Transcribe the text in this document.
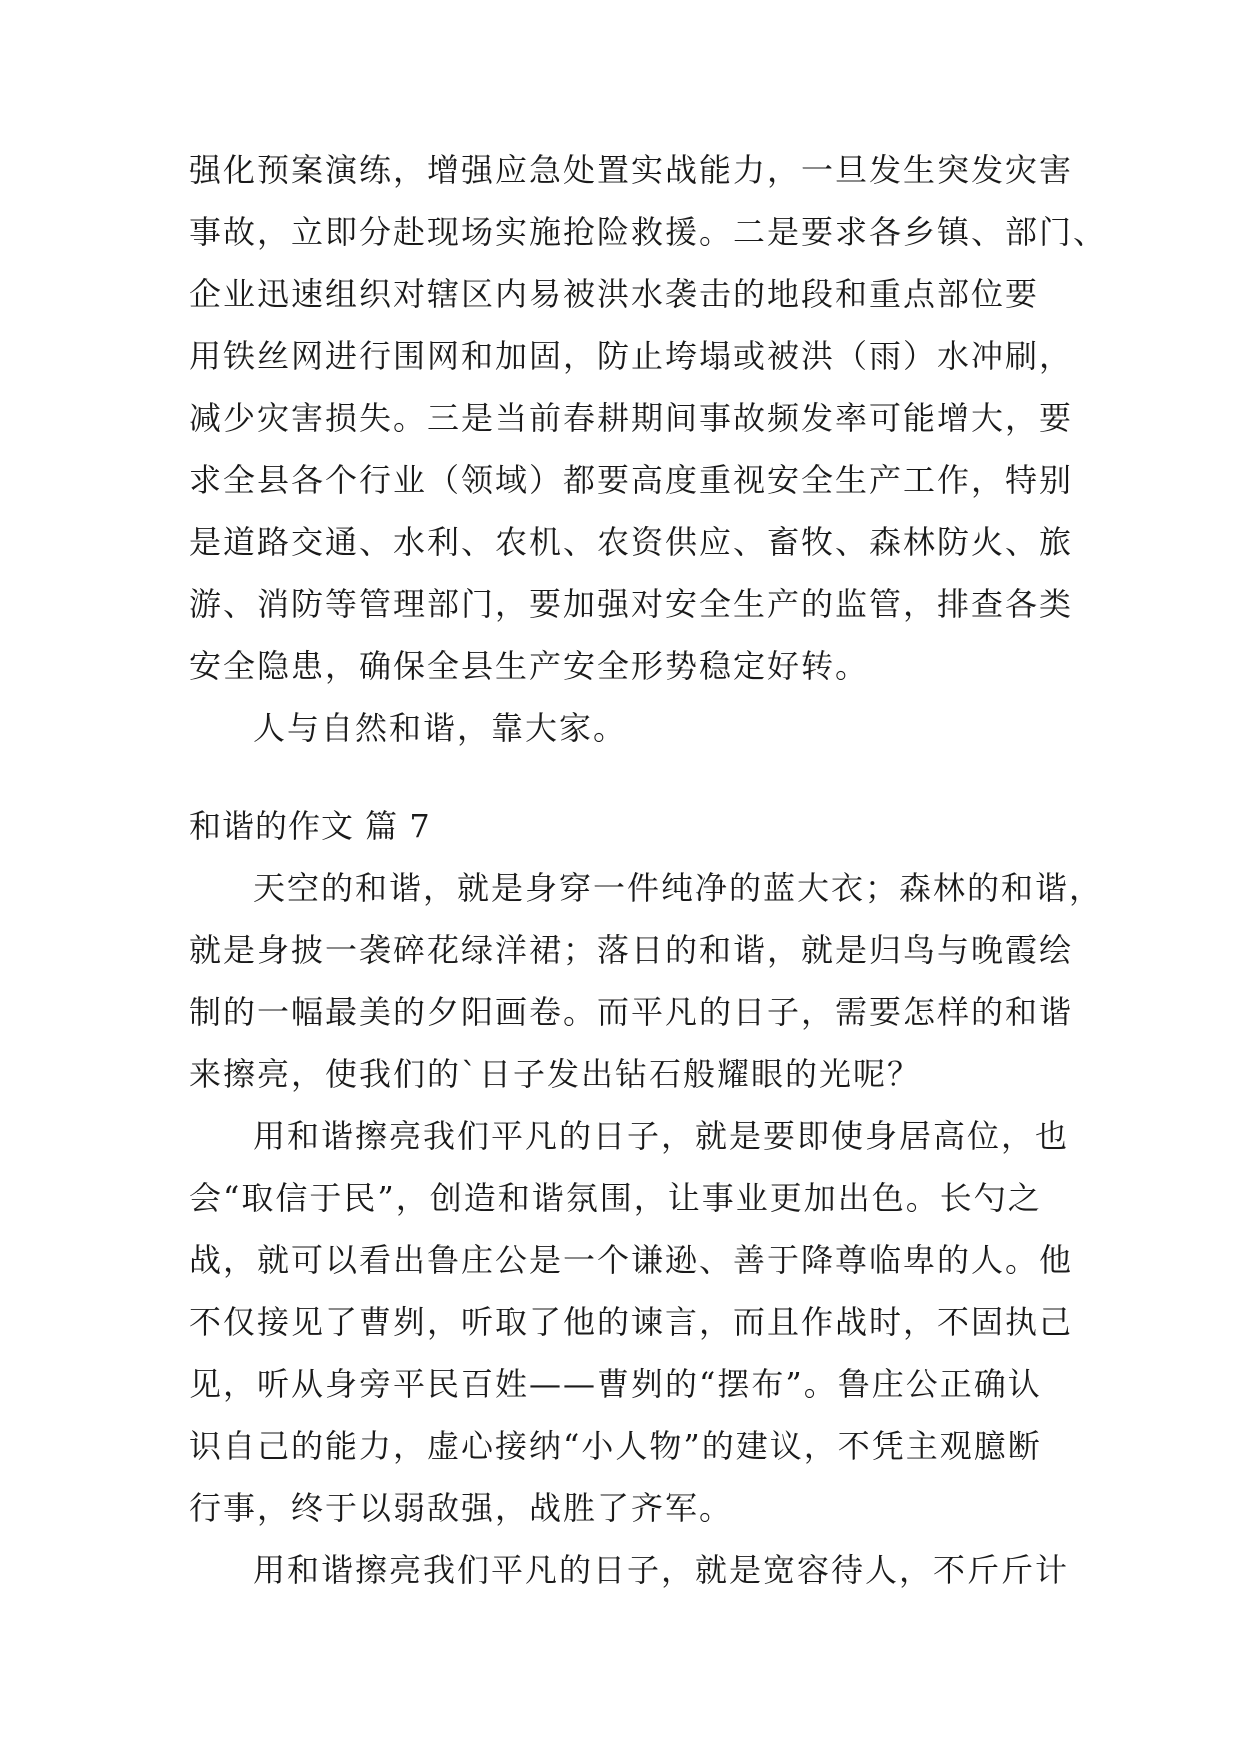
强化预案演练，增强应急处置实战能力，一旦发生突发灾害
事故，立即分赴现场实施抢险救援。二是要求各乡镇、部门、
企业迅速组织对辖区内易被洪水袭击的地段和重点部位要
用铁丝网进行围网和加固，防止垮塌或被洪（雨）水冲刷，
减少灾害损失。三是当前春耕期间事故频发率可能增大，要
求全县各个行业（领域）都要高度重视安全生产工作，特别
是道路交通、水利、农机、农资供应、畜牧、森林防火、旅
游、消防等管理部门，要加强对安全生产的监管，排查各类
安全隐患，确保全县生产安全形势稳定好转。
人与自然和谐，靠大家。
和谐的作文 篇 7
天空的和谐，就是身穿一件纯净的蓝大衣；森林的和谐，
就是身披一袭碎花绿洋裙；落日的和谐，就是归鸟与晚霞绘
制的一幅最美的夕阳画卷。而平凡的日子，需要怎样的和谐
来擦亮，使我们的`日子发出钻石般耀眼的光呢？
用和谐擦亮我们平凡的日子，就是要即使身居高位，也
会“取信于民”，创造和谐氛围，让事业更加出色。长勺之
战，就可以看出鲁庄公是一个谦逊、善于降尊临卑的人。他
不仅接见了曹刿，听取了他的谏言，而且作战时，不固执己
见，听从身旁平民百姓——曹刿的“摆布”。鲁庄公正确认
识自己的能力，虚心接纳“小人物”的建议，不凭主观臆断
行事，终于以弱敌强，战胜了齐军。
用和谐擦亮我们平凡的日子，就是宽容待人，不斤斤计
